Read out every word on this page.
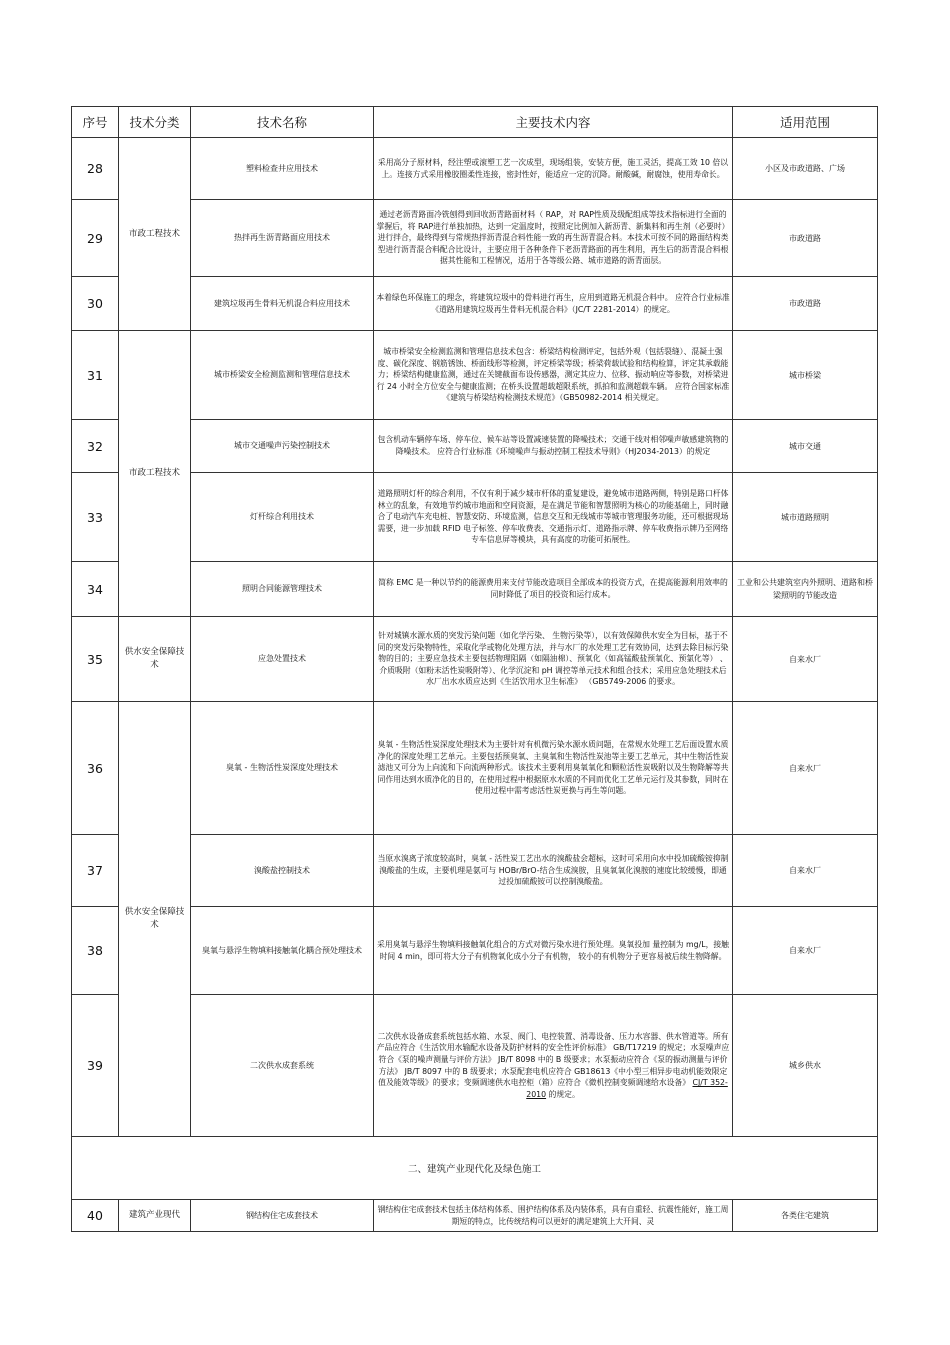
序号	技术分类	技术名称	主要技术内容	适用范围
28	市政工程技术	塑料检查井应用技术	采用高分子原材料，经注塑或滚塑工艺一次成型，现场组装，安装方便，施工灵活，提高工效 10 倍以上。连接方式采用橡胶圈柔性连接，密封性好，能适应一定的沉降。耐酸碱，耐腐蚀，使用寿命长。	小区及市政道路、广场
29		热拌再生沥青路面应用技术	通过老沥青路面冷铣刨得到回收沥青路面材料（ RAP，对 RAP性质及级配组成等技术指标进行全面的掌握后，将 RAP进行单独加热，达到一定温度时，按照定比例加入新沥青、新集料和再生剂（必要时）进行拌合，最终得到与常规热拌沥青混合料性能一致的再生沥青混合料。本技术可按不同的路面结构类型进行沥青混合料配合比设计，主要应用于各种条件下老沥青路面的再生利用，再生后的沥青混合料根据其性能和工程情况，适用于各等级公路、城市道路的沥青面层。	市政道路
30		建筑垃圾再生骨料无机混合料应用技术	本着绿色环保施工的理念，将建筑垃圾中的骨料进行再生，应用到道路无机混合料中。 应符合行业标准《道路用建筑垃圾再生骨料无机混合料》（JC/T 2281-2014）的规定。	市政道路
31	市政工程技术	城市桥梁安全检测监测和管理信息技术	城市桥梁安全检测监测和管理信息技术包含：桥梁结构检测评定，包括外观（包括裂缝）、混凝土强度、碳化深度、钢筋锈蚀、桥面线形等检测，评定桥梁等级；桥梁荷载试验和结构检算，评定其承载能力；桥梁结构健康监测，通过在关键截面布设传感器，测定其应力、位移、振动响应等参数，对桥梁进行 24 小时全方位安全与健康监测；在桥头设置超载超限系统，抓拍和监测超载车辆。 应符合国家标准《建筑与桥梁结构检测技术规范》（GB50982-2014 相关规定。	城市桥梁
32		城市交通噪声污染控制技术	包含机动车辆停车场、停车位、候车站等设置减速装置的降噪技术；交通干线对相邻噪声敏感建筑物的降噪技术。 应符合行业标准《环境噪声与振动控制工程技术导则》（HJ2034-2013）的规定	城市交通
33		灯杆综合利用技术	道路照明灯杆的综合利用，不仅有利于减少城市杆体的重复建设，避免城市道路两侧，特别是路口杆体林立的乱象，有效地节约城市地面和空间资源，是在满足节能和智慧照明为核心的功能基础上，同时融合了电动汽车充电桩、智慧安防、环境监测，信息交互和无线城市等城市管理服务功能，还可根据现场需要，进一步加载 RFID 电子标签、停车收费表、交通指示灯、道路指示牌、停车收费指示牌乃至网络专车信息屏等模块，具有高度的功能可拓展性。	城市道路照明
34		照明合同能源管理技术	简称 EMC 是一种以节约的能源费用来支付节能改造项目全部成本的投资方式，在提高能源利用效率的同时降低了项目的投资和运行成本。	工业和公共建筑室内外照明、道路和桥梁照明的节能改造
35	供水安全保障技术	应急处置技术	针对城镇水源水质的突发污染问题（如化学污染、 生物污染等），以有效保障供水安全为目标，基于不同的突发污染物特性，采取化学或物化处理方法，并与水厂的水处理工艺有效协同，达到去除目标污染物的目的；主要应急技术主要包括物理阻隔（如隔油棉）、预氧化（如高锰酸盐预氧化、预氯化等） 、介质吸附（如粉末活性炭吸附等）、化学沉淀和 pH 调控等单元技术和组合技术；采用应急处理技术后水厂出水水质应达到《生活饮用水卫生标准》 （GB5749-2006 的要求。	自来水厂
36	供水安全保障技术	臭氧 - 生物活性炭深度处理技术	臭氧 - 生物活性炭深度处理技术为主要针对有机微污染水源水质问题，在常规水处理工艺后面设置水质净化的深度处理工艺单元。主要包括预臭氧、主臭氧和生物活性炭池等主要工艺单元，其中生物活性炭滤池又可分为上向流和下向流两种形式。该技术主要利用臭氧氧化和颗粒活性炭吸附以及生物降解等共同作用达到水质净化的目的，在使用过程中根据原水水质的不同而优化工艺单元运行及其参数，同时在使用过程中需考虑活性炭更换与再生等问题。	自来水厂
37		溴酸盐控制技术	当原水溴离子浓度较高时，臭氧 - 活性炭工艺出水的溴酸盐会超标，这时可采用向水中投加硫酸铵抑制溴酸盐的生成，主要机理是氨可与 HOBr/BrO-结合生成溴胺，且臭氧氧化溴胺的速度比较缓慢，即通过投加硫酸铵可以控制溴酸盐。	自来水厂
38		臭氧与悬浮生物填料接触氧化耦合预处理技术	采用臭氧与悬浮生物填料接触氧化组合的方式对微污染水进行预处理。臭氧投加 量控制为 mg/L，接触时间 4 min，即可将大分子有机物氧化成小分子有机物， 较小的有机物分子更容易被后续生物降解。	自来水厂
39		二次供水成套系统	二次供水设备成套系统包括水箱、水泵、阀门、电控装置、消毒设备、压力水容器、供水管道等。所有产品应符合《生活饮用水输配水设备及防护材料的安全性评价标准》 GB/T17219 的规定；水泵噪声应符合《泵的噪声测量与评价方法》 JB/T 8098 中的 B 级要求；水泵振动应符合《泵的振动测量与评价方法》 JB/T 8097 中的 B 级要求；水泵配套电机应符合 GB18613《中小型三相异步电动机能效限定值及能效等级》的要求；变频调速供水电控柜（箱）应符合《微机控制变频调速给水设备》 CJ/T 352-2010 的规定。	城乡供水
二、建筑产业现代化及绿色施工				
40	建筑产业现代	钢结构住宅成套技术	钢结构住宅成套技术包括主体结构体系、围护结构体系及内装体系，具有自重轻、抗震性能好，施工周期短的特点，比传统结构可以更好的满足建筑上大开间、灵	各类住宅建筑
